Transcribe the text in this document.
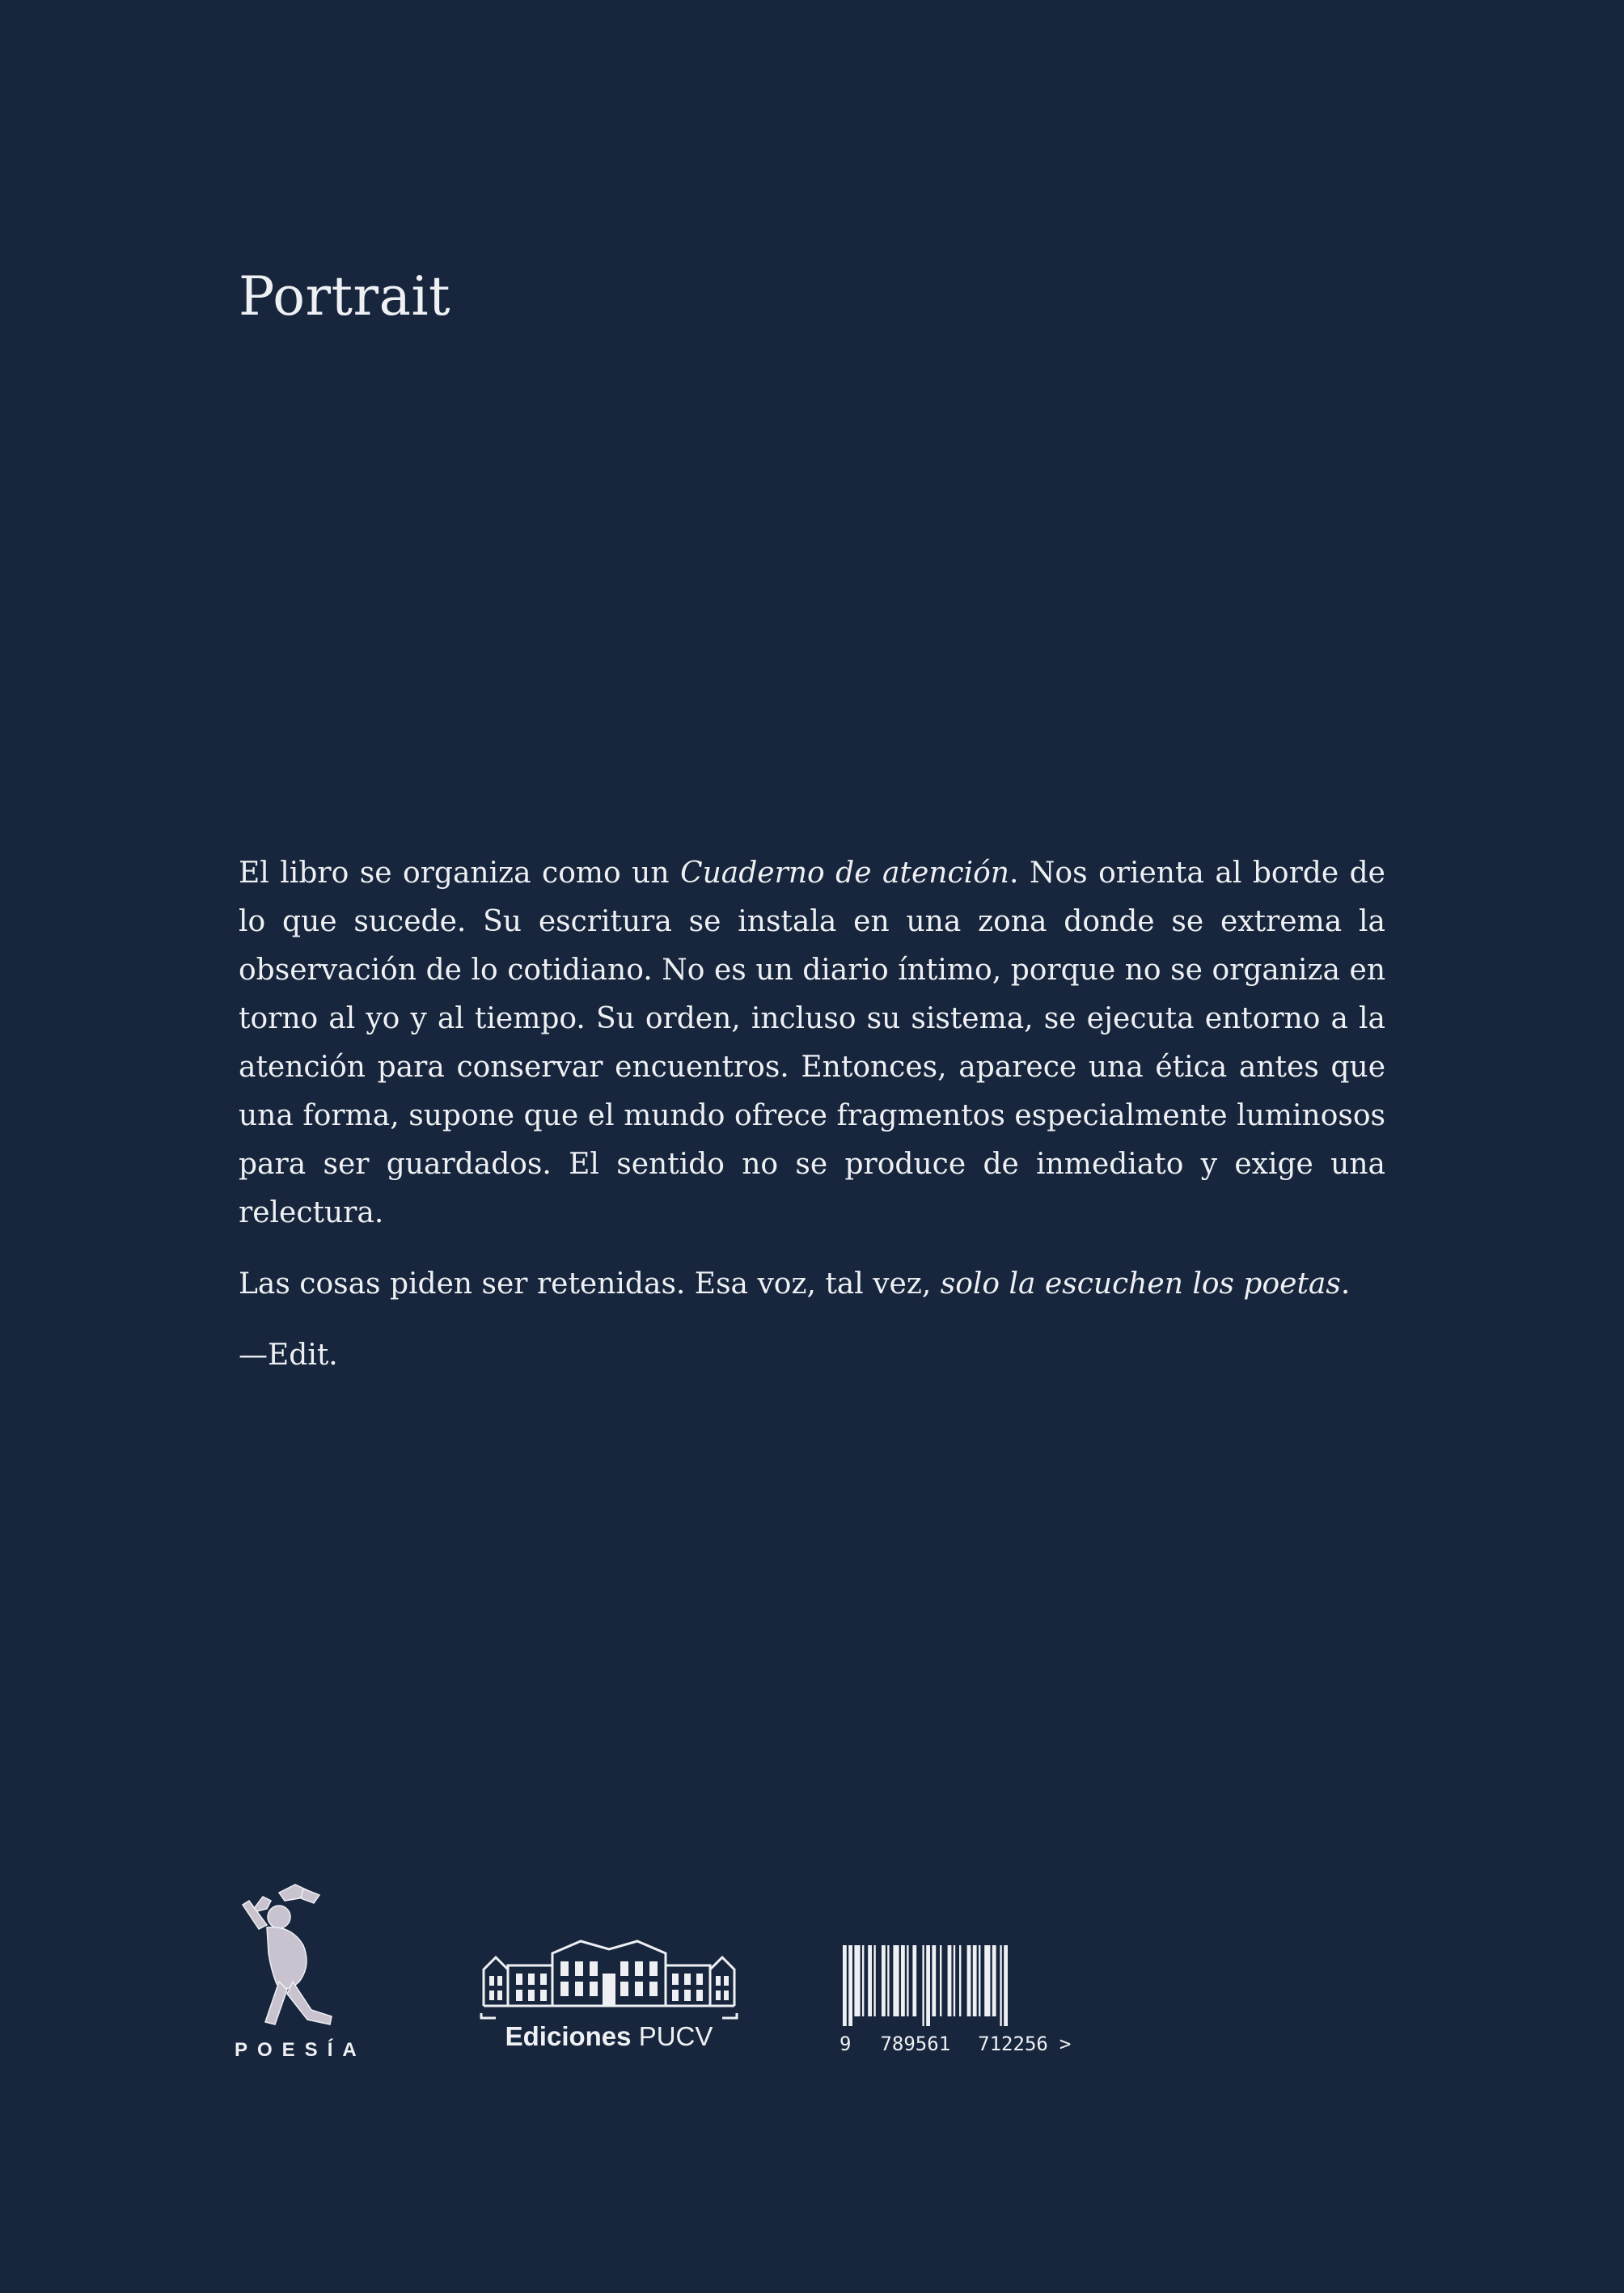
Portrait

El libro se organiza como un Cuaderno de atención. Nos orienta al borde de lo que sucede. Su escritura se instala en una zona donde se extrema la observación de lo cotidiano. No es un diario íntimo, porque no se organiza en torno al yo y al tiempo. Su orden, incluso su sistema, se ejecuta entorno a la atención para conservar encuentros. Entonces, aparece una ética antes que una forma, supone que el mundo ofrece fragmentos especialmente luminosos para ser guardados. El sentido no se produce de inmediato y exige una relectura.

Las cosas piden ser retenidas. Esa voz, tal vez, solo la escuchen los poetas.

—Edit.

POESÍA	Ediciones PUCV	9 789561 712256 >
